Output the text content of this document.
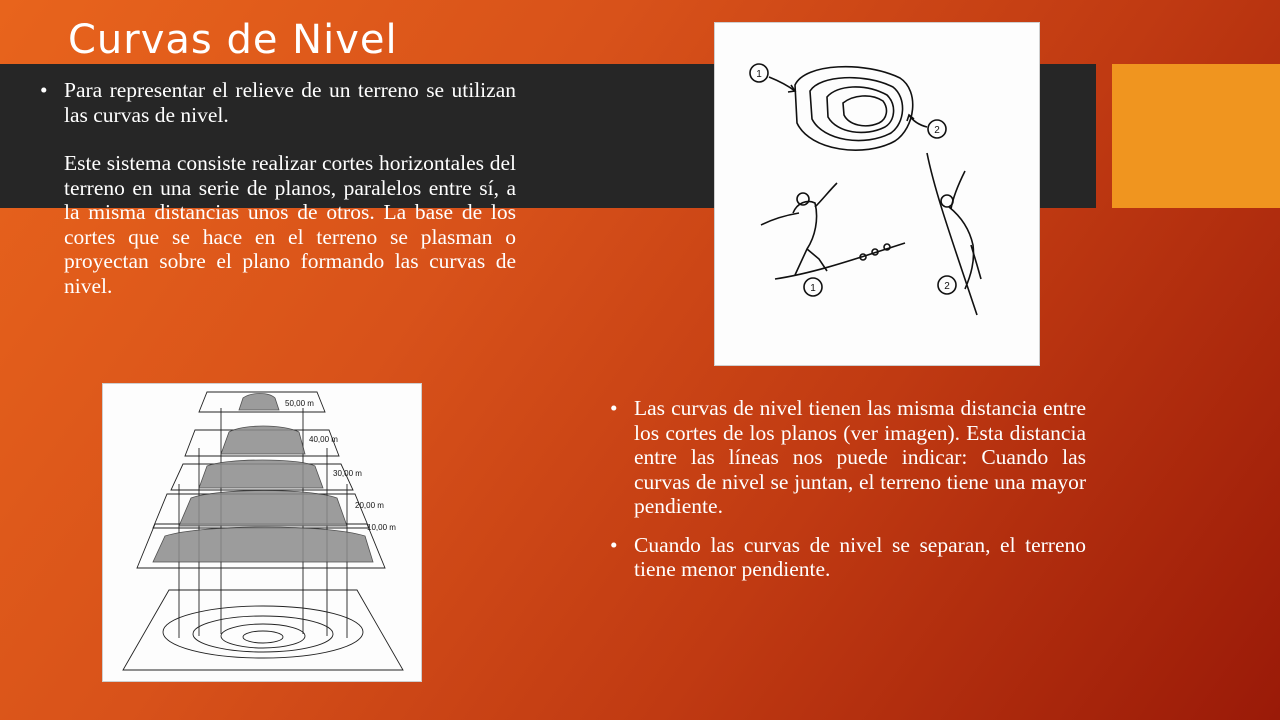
Curvas de Nivel
• Para representar el relieve de un terreno se utilizan las curvas de nivel.
Este sistema consiste realizar cortes horizontales del terreno en una serie de planos, paralelos entre sí, a la misma distancias unos de otros. La base de los cortes que se hace en el terreno se plasman o proyectan sobre el plano formando las curvas de nivel.
1
2
1	2
50,00 m
40,00 m
30,00 m
20,00 m
10,00 m
• Las curvas de nivel tienen las misma distancia entre los cortes de los planos (ver imagen). Esta distancia entre las líneas nos puede indicar: Cuando las curvas de nivel se juntan, el terreno tiene una mayor pendiente.
• Cuando las curvas de nivel se separan, el terreno tiene menor pendiente.
